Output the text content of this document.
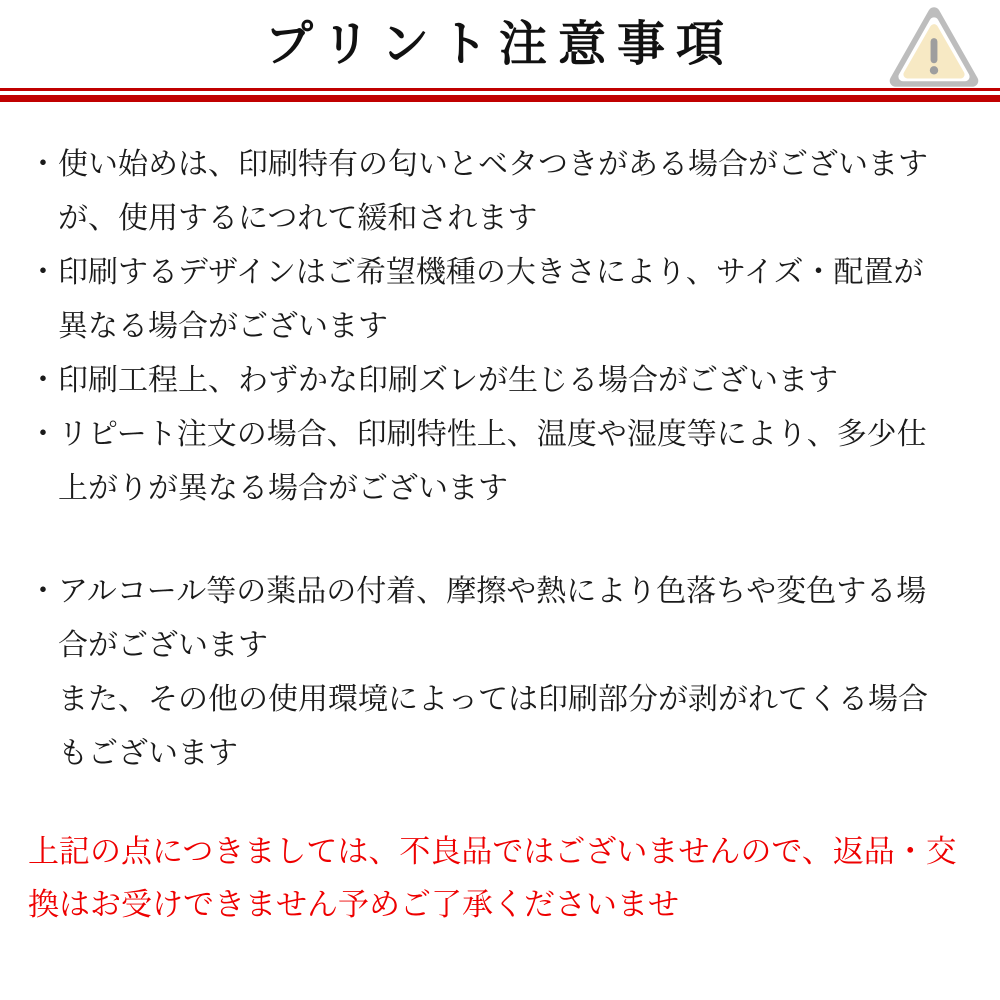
プリント注意事項
・ 使い始めは、印刷特有の匂いとベタつきがある場合がございます
が、使用するにつれて緩和されます
・ 印刷するデザインはご希望機種の大きさにより、サイズ・配置が
異なる場合がございます
・ 印刷工程上、わずかな印刷ズレが生じる場合がございます
・ リピート注文の場合、印刷特性上、温度や湿度等により、多少仕
上がりが異なる場合がございます
・ アルコール等の薬品の付着、摩擦や熱により色落ちや変色する場
合がございます
また、その他の使用環境によっては印刷部分が剥がれてくる場合
もございます
上記の点につきましては、不良品ではございませんので、返品・交
換はお受けできません予めご了承くださいませ
